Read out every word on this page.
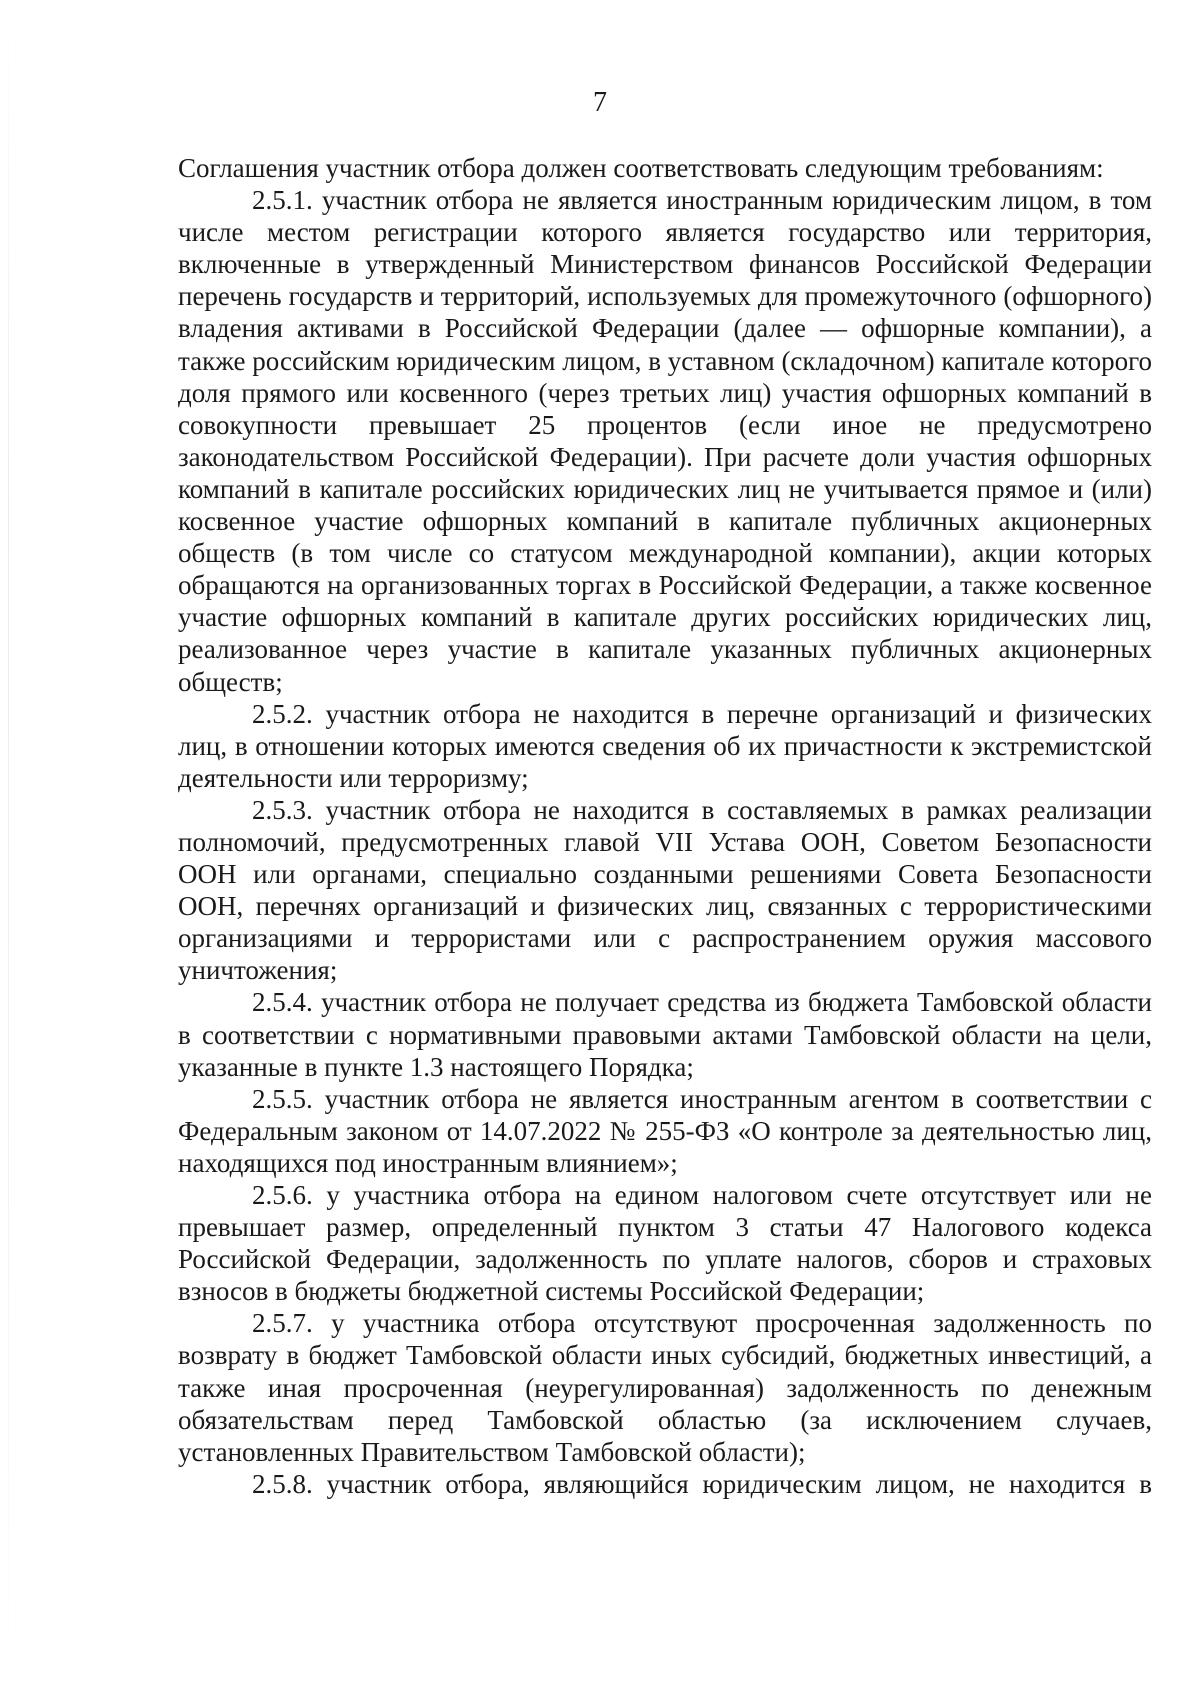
7

Соглашения участник отбора должен соответствовать следующим требованиям:

2.5.1. участник отбора не является иностранным юридическим лицом, в том числе местом регистрации которого является государство или территория, включенные в утвержденный Министерством финансов Российской Федерации перечень государств и территорий, используемых для промежуточного (офшорного) владения активами в Российской Федерации (далее — офшорные компании), а также российским юридическим лицом, в уставном (складочном) капитале которого доля прямого или косвенного (через третьих лиц) участия офшорных компаний в совокупности превышает 25 процентов (если иное не предусмотрено законодательством Российской Федерации). При расчете доли участия офшорных компаний в капитале российских юридических лиц не учитывается прямое и (или) косвенное участие офшорных компаний в капитале публичных акционерных обществ (в том числе со статусом международной компании), акции которых обращаются на организованных торгах в Российской Федерации, а также косвенное участие офшорных компаний в капитале других российских юридических лиц, реализованное через участие в капитале указанных публичных акционерных обществ;

2.5.2. участник отбора не находится в перечне организаций и физических лиц, в отношении которых имеются сведения об их причастности к экстремистской деятельности или терроризму;

2.5.3. участник отбора не находится в составляемых в рамках реализации полномочий, предусмотренных главой VII Устава ООН, Советом Безопасности ООН или органами, специально созданными решениями Совета Безопасности ООН, перечнях организаций и физических лиц, связанных с террористическими организациями и террористами или с распространением оружия массового уничтожения;

2.5.4. участник отбора не получает средства из бюджета Тамбовской области в соответствии с нормативными правовыми актами Тамбовской области на цели, указанные в пункте 1.3 настоящего Порядка;

2.5.5. участник отбора не является иностранным агентом в соответствии с Федеральным законом от 14.07.2022 № 255-ФЗ «О контроле за деятельностью лиц, находящихся под иностранным влиянием»;

2.5.6. у участника отбора на едином налоговом счете отсутствует или не превышает размер, определенный пунктом 3 статьи 47 Налогового кодекса Российской Федерации, задолженность по уплате налогов, сборов и страховых взносов в бюджеты бюджетной системы Российской Федерации;

2.5.7. у участника отбора отсутствуют просроченная задолженность по возврату в бюджет Тамбовской области иных субсидий, бюджетных инвестиций, а также иная просроченная (неурегулированная) задолженность по денежным обязательствам перед Тамбовской областью (за исключением случаев, установленных Правительством Тамбовской области);

2.5.8. участник отбора, являющийся юридическим лицом, не находится в
